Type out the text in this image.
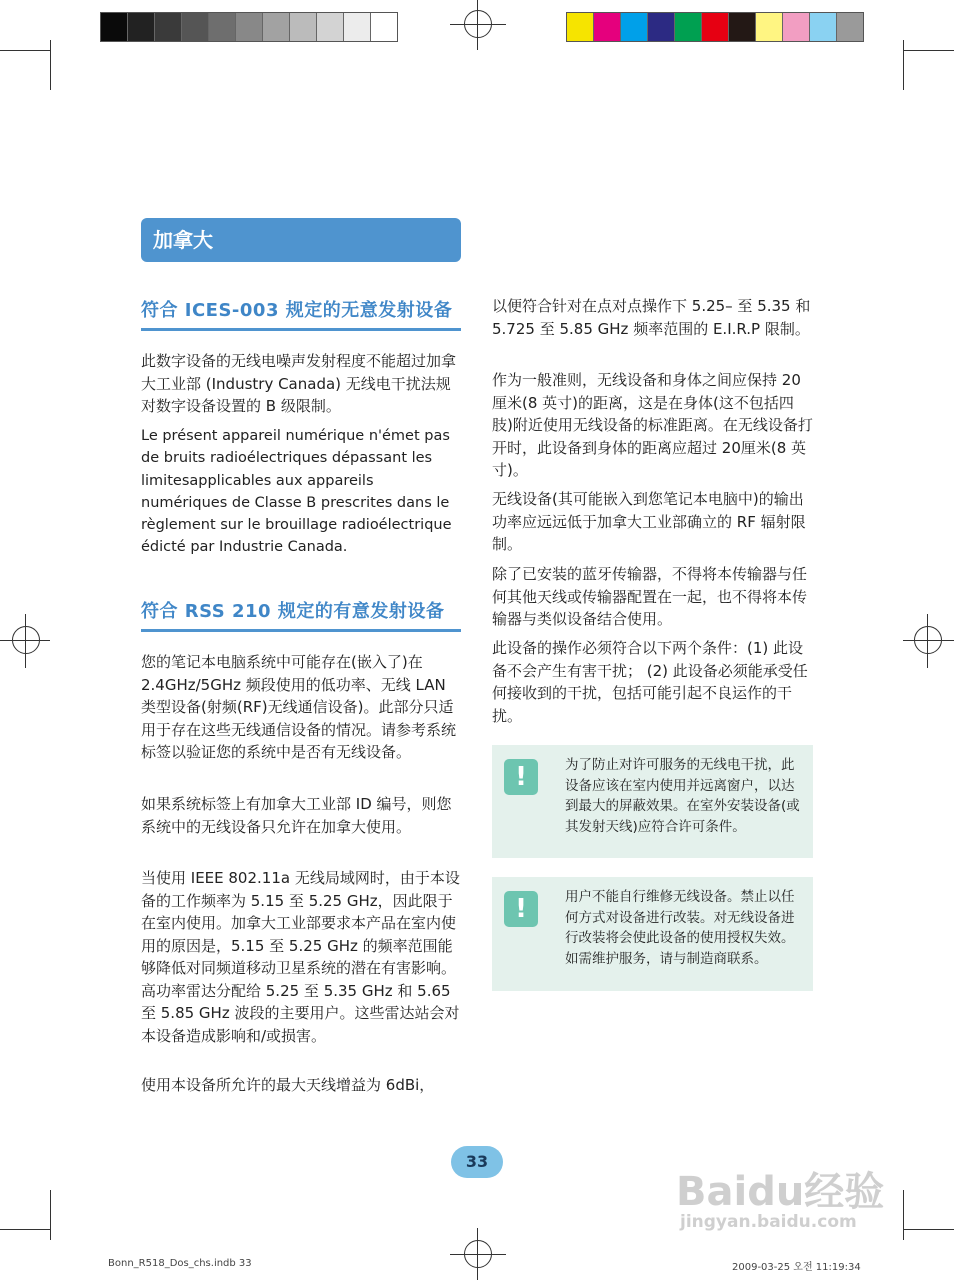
加拿大
符合 ICES-003 规定的无意发射设备

此数字设备的无线电噪声发射程度不能超过加拿大工业部 (Industry Canada) 无线电干扰法规对数字设备设置的 B 级限制。

Le présent appareil numérique n'émet pas de bruits radioélectriques dépassant les limitesapplicables aux appareils numériques de Classe B prescrites dans le règlement sur le brouillage radioélectrique édicté par Industrie Canada.

符合 RSS 210 规定的有意发射设备

您的笔记本电脑系统中可能存在(嵌入了)在 2.4GHz/5GHz 频段使用的低功率、无线 LAN 类型设备(射频(RF)无线通信设备)。此部分只适用于存在这些无线通信设备的情况。请参考系统标签以验证您的系统中是否有无线设备。

如果系统标签上有加拿大工业部 ID 编号，则您系统中的无线设备只允许在加拿大使用。

当使用 IEEE 802.11a 无线局域网时，由于本设备的工作频率为 5.15 至 5.25 GHz，因此限于在室内使用。加拿大工业部要求本产品在室内使用的原因是，5.15 至 5.25 GHz 的频率范围能够降低对同频道移动卫星系统的潜在有害影响。高功率雷达分配给 5.25 至 5.35 GHz 和 5.65 至 5.85 GHz 波段的主要用户。这些雷达站会对本设备造成影响和/或损害。

使用本设备所允许的最大天线增益为 6dBi，

以便符合针对在点对点操作下 5.25– 至 5.35 和 5.725 至 5.85 GHz 频率范围的 E.I.R.P 限制。

作为一般准则，无线设备和身体之间应保持 20 厘米(8 英寸)的距离，这是在身体(这不包括四肢)附近使用无线设备的标准距离。在无线设备打开时，此设备到身体的距离应超过 20厘米(8 英寸)。

无线设备(其可能嵌入到您笔记本电脑中)的输出功率应远远低于加拿大工业部确立的 RF 辐射限制。

除了已安装的蓝牙传输器，不得将本传输器与任何其他天线或传输器配置在一起，也不得将本传输器与类似设备结合使用。

此设备的操作必须符合以下两个条件：(1) 此设备不会产生有害干扰； (2) 此设备必须能承受任何接收到的干扰，包括可能引起不良运作的干扰。

!	为了防止对许可服务的无线电干扰，此设备应该在室内使用并远离窗户，以达到最大的屏蔽效果。在室外安装设备(或其发射天线)应符合许可条件。
!	用户不能自行维修无线设备。禁止以任何方式对设备进行改装。对无线设备进行改装将会使此设备的使用授权失效。如需维护服务，请与制造商联系。
33
Baidu经验
jingyan.baidu.com
Bonn_R518_Dos_chs.indb 33	2009-03-25 오전 11:19:34
